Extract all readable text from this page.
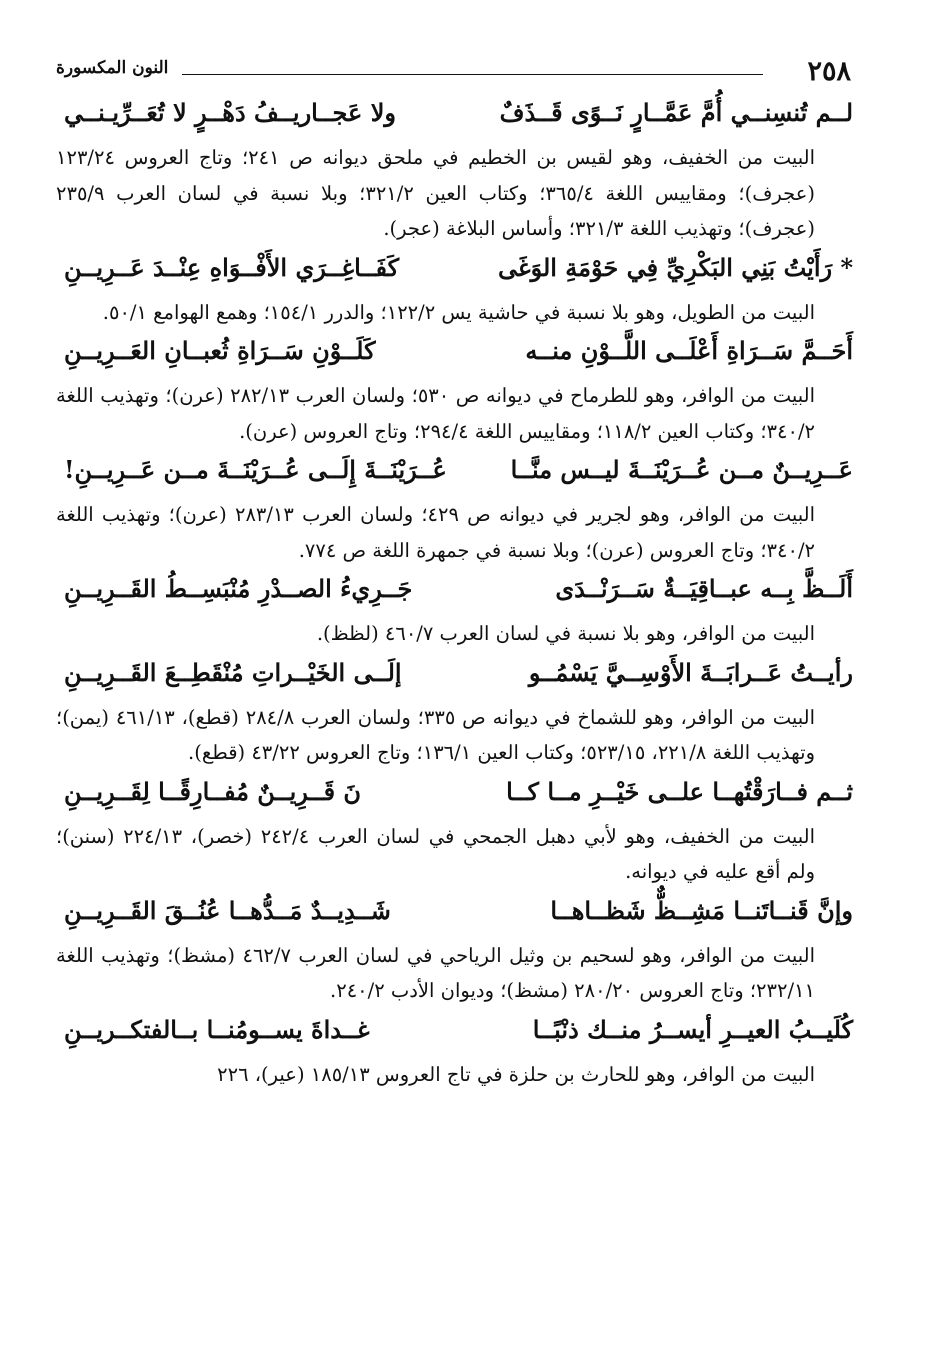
٢٥٨
النون المكسورة
لــم تُنسِنــي أُمَّ عَمَّــارٍ نَــوًى قَــذَفٌ
ولا عَجــاريــفُ دَهْــرٍ لا تُعَــرِّيـنــي

البيت من الخفيف، وهو لقيس بن الخطيم في ملحق ديوانه ص ٢٤١؛ وتاج العروس ١٢٣/٢٤ (عجرف)؛ ومقاييس اللغة ٣٦٥/٤؛ وكتاب العين ٣٢١/٢؛ وبلا نسبة في لسان العرب ٢٣٥/٩ (عجرف)؛ وتهذيب اللغة ٣٢١/٣؛ وأساس البلاغة (عجر).

* رَأَيْتُ بَنِي البَكْرِيِّ فِي حَوْمَةِ الوَغَى
كَفَــاغِــرَي الأَفْــوَاهِ عِنْــدَ عَــرِيــنِ

البيت من الطويل، وهو بلا نسبة في حاشية يس ١٢٢/٢؛ والدرر ١٥٤/١؛ وهمع الهوامع ٥٠/١.

أَحَــمَّ سَــرَاةِ أَعْلَــى اللَّــوْنِ منــه
كَلَــوْنِ سَــرَاةِ ثُعبــانِ العَــرِيــنِ

البيت من الوافر، وهو للطرماح في ديوانه ص ٥٣٠؛ ولسان العرب ٢٨٢/١٣ (عرن)؛ وتهذيب اللغة ٣٤٠/٢؛ وكتاب العين ١١٨/٢؛ ومقاييس اللغة ٢٩٤/٤؛ وتاج العروس (عرن).

عَــرِيــنٌ مــن عُــرَيْنَــةَ ليــس منَّــا
عُــرَيْنَــةَ إِلَــى عُــرَيْنَــةَ مــن عَــرِيــنِ!

البيت من الوافر، وهو لجرير في ديوانه ص ٤٢٩؛ ولسان العرب ٢٨٣/١٣ (عرن)؛ وتهذيب اللغة ٣٤٠/٢؛ وتاج العروس (عرن)؛ وبلا نسبة في جمهرة اللغة ص ٧٧٤.

أَلَــظَّ بِــه عبــاقِيَــةٌ سَــرَنْــدَى
جَــرِيءُ الصــدْرِ مُنْبَسِــطُ القَــرِيــنِ

البيت من الوافر، وهو بلا نسبة في لسان العرب ٤٦٠/٧ (لظظ).

رأيــتُ عَــرابَــةَ الأَوْسِــيَّ يَسْمُــو
إلَــى الخَيْــراتِ مُنْقَطِــعَ القَــرِيــنِ

البيت من الوافر، وهو للشماخ في ديوانه ص ٣٣٥؛ ولسان العرب ٢٨٤/٨ (قطع)، ٤٦١/١٣ (يمن)؛ وتهذيب اللغة ٢٢١/٨، ٥٢٣/١٥؛ وكتاب العين ١٣٦/١؛ وتاج العروس ٤٣/٢٢ (قطع).

ثــم فــارَقْتُهــا علــى خَيْــرِ مــا كــا
نَ قَــرِيــنٌ مُفــارِقًــا لِقَــرِيــنِ

البيت من الخفيف، وهو لأبي دهبل الجمحي في لسان العرب ٢٤٢/٤ (خصر)، ٢٢٤/١٣ (سنن)؛ ولم أقع عليه في ديوانه.

وإنَّ قَنــاتَنــا مَشِــظٌّ شَظــاهــا
شَــدِيــدٌ مَــدُّهــا عُنُــقَ القَــرِيــنِ

البيت من الوافر، وهو لسحيم بن وثيل الرياحي في لسان العرب ٤٦٢/٧ (مشظ)؛ وتهذيب اللغة ٢٣٢/١١؛ وتاج العروس ٢٨٠/٢٠ (مشظ)؛ وديوان الأدب ٢٤٠/٢.

كُلَيــبُ العيــرِ أيســرُ منــك ذنْبًــا
غــداةَ يســومُنــا بــالفتكــريــنِ

البيت من الوافر، وهو للحارث بن حلزة في تاج العروس ١٨٥/١٣ (عير)، ٢٢٦
